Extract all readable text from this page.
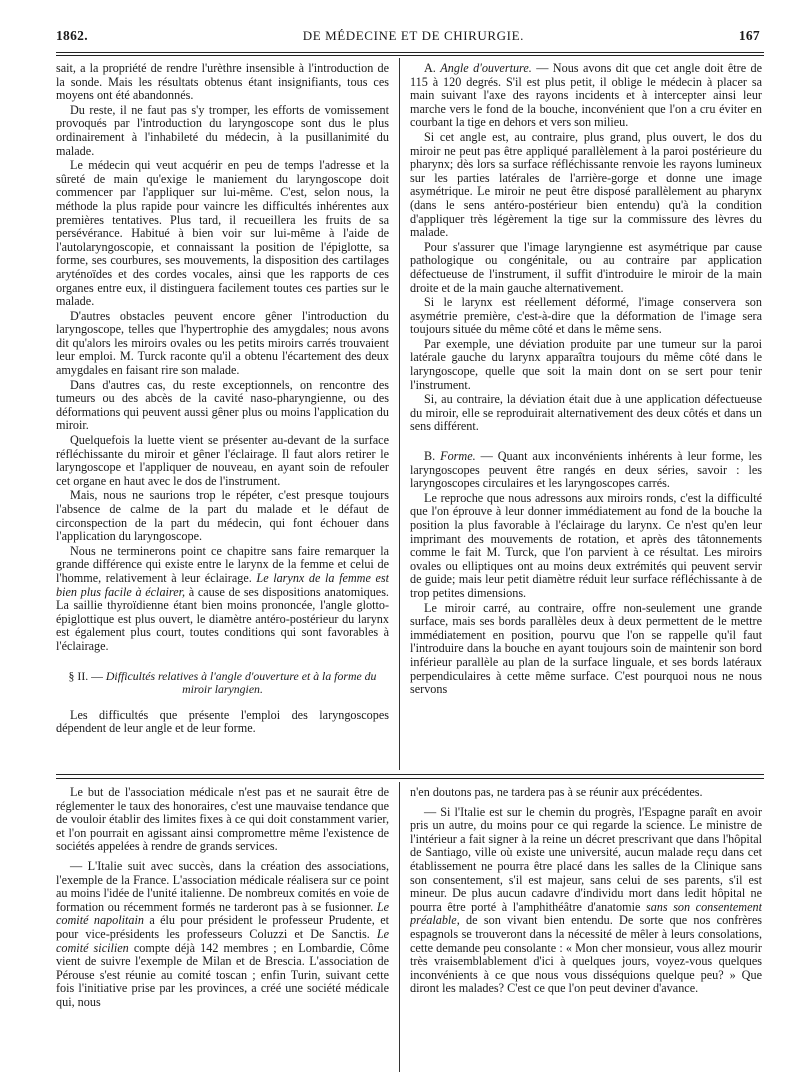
1862.	DE MÉDECINE ET DE CHIRURGIE.	167

sait, a la propriété de rendre l'urèthre insensible à l'introduction de la sonde. Mais les résultats obtenus étant insignifiants, tous ces moyens ont été abandonnés.

Du reste, il ne faut pas s'y tromper, les efforts de vomissement provoqués par l'introduction du laryngoscope sont dus le plus ordinairement à l'inhabileté du médecin, à la pusillanimité du malade.

Le médecin qui veut acquérir en peu de temps l'adresse et la sûreté de main qu'exige le maniement du laryngoscope doit commencer par l'appliquer sur lui-même. C'est, selon nous, la méthode la plus rapide pour vaincre les difficultés inhérentes aux premières tentatives. Plus tard, il recueillera les fruits de sa persévérance. Habitué à bien voir sur lui-même à l'aide de l'autolaryngoscopie, et connaissant la position de l'épiglotte, sa forme, ses courbures, ses mouvements, la disposition des cartilages aryténoïdes et des cordes vocales, ainsi que les rapports de ces organes entre eux, il distinguera facilement toutes ces parties sur le malade.

D'autres obstacles peuvent encore gêner l'introduction du laryngoscope, telles que l'hypertrophie des amygdales; nous avons dit qu'alors les miroirs ovales ou les petits miroirs carrés trouvaient leur emploi. M. Turck raconte qu'il a obtenu l'écartement des deux amygdales en faisant rire son malade.

Dans d'autres cas, du reste exceptionnels, on rencontre des tumeurs ou des abcès de la cavité naso-pharyngienne, ou des déformations qui peuvent aussi gêner plus ou moins l'application du miroir.

Quelquefois la luette vient se présenter au-devant de la surface réfléchissante du miroir et gêner l'éclairage. Il faut alors retirer le laryngoscope et l'appliquer de nouveau, en ayant soin de refouler cet organe en haut avec le dos de l'instrument.

Mais, nous ne saurions trop le répéter, c'est presque toujours l'absence de calme de la part du malade et le défaut de circonspection de la part du médecin, qui font échouer dans l'application du laryngoscope.

Nous ne terminerons point ce chapitre sans faire remarquer la grande différence qui existe entre le larynx de la femme et celui de l'homme, relativement à leur éclairage. Le larynx de la femme est bien plus facile à éclairer, à cause de ses dispositions anatomiques. La saillie thyroïdienne étant bien moins prononcée, l'angle glotto-épiglottique est plus ouvert, le diamètre antéro-postérieur du larynx est également plus court, toutes conditions qui sont favorables à l'éclairage.

§ II. — Difficultés relatives à l'angle d'ouverture et à la forme du miroir laryngien.

Les difficultés que présente l'emploi des laryngoscopes dépendent de leur angle et de leur forme.

A. Angle d'ouverture. — Nous avons dit que cet angle doit être de 115 à 120 degrés. S'il est plus petit, il oblige le médecin à placer sa main suivant l'axe des rayons incidents et à intercepter ainsi leur marche vers le fond de la bouche, inconvénient que l'on a cru éviter en courbant la tige en dehors et vers son milieu.

Si cet angle est, au contraire, plus grand, plus ouvert, le dos du miroir ne peut pas être appliqué parallèlement à la paroi postérieure du pharynx; dès lors sa surface réfléchissante renvoie les rayons lumineux sur les parties latérales de l'arrière-gorge et donne une image asymétrique. Le miroir ne peut être disposé parallèlement au pharynx (dans le sens antéro-postérieur bien entendu) qu'à la condition d'appliquer très légèrement la tige sur la commissure des lèvres du malade.

Pour s'assurer que l'image laryngienne est asymétrique par cause pathologique ou congénitale, ou au contraire par application défectueuse de l'instrument, il suffit d'introduire le miroir de la main droite et de la main gauche alternativement.

Si le larynx est réellement déformé, l'image conservera son asymétrie première, c'est-à-dire que la déformation de l'image sera toujours située du même côté et dans le même sens.

Par exemple, une déviation produite par une tumeur sur la paroi latérale gauche du larynx apparaîtra toujours du même côté dans le laryngoscope, quelle que soit la main dont on se sert pour tenir l'instrument.

Si, au contraire, la déviation était due à une application défectueuse du miroir, elle se reproduirait alternativement des deux côtés et dans un sens différent.

B. Forme. — Quant aux inconvénients inhérents à leur forme, les laryngoscopes peuvent être rangés en deux séries, savoir : les laryngoscopes circulaires et les laryngoscopes carrés.

Le reproche que nous adressons aux miroirs ronds, c'est la difficulté que l'on éprouve à leur donner immédiatement au fond de la bouche la position la plus favorable à l'éclairage du larynx. Ce n'est qu'en leur imprimant des mouvements de rotation, et après des tâtonnements comme le fait M. Turck, que l'on parvient à ce résultat. Les miroirs ovales ou elliptiques ont au moins deux extrémités qui peuvent servir de guide; mais leur petit diamètre réduit leur surface réfléchissante à de trop petites dimensions.

Le miroir carré, au contraire, offre non-seulement une grande surface, mais ses bords parallèles deux à deux permettent de le mettre immédiatement en position, pourvu que l'on se rappelle qu'il faut l'introduire dans la bouche en ayant toujours soin de maintenir son bord inférieur parallèle au plan de la surface linguale, et ses bords latéraux perpendiculaires à cette même surface. C'est pourquoi nous ne nous servons

Le but de l'association médicale n'est pas et ne saurait être de réglementer le taux des honoraires, c'est une mauvaise tendance que de vouloir établir des limites fixes à ce qui doit constamment varier, et l'on pourrait en agissant ainsi compromettre même l'existence de sociétés appelées à rendre de grands services.

— L'Italie suit avec succès, dans la création des associations, l'exemple de la France. L'association médicale réalisera sur ce point au moins l'idée de l'unité italienne. De nombreux comités en voie de formation ou récemment formés ne tarderont pas à se fusionner. Le comité napolitain a élu pour président le professeur Prudente, et pour vice-présidents les professeurs Coluzzi et De Sanctis. Le comité sicilien compte déjà 142 membres ; en Lombardie, Côme vient de suivre l'exemple de Milan et de Brescia. L'association de Pérouse s'est réunie au comité toscan ; enfin Turin, suivant cette fois l'initiative prise par les provinces, a créé une société médicale qui, nous

n'en doutons pas, ne tardera pas à se réunir aux précédentes.

— Si l'Italie est sur le chemin du progrès, l'Espagne paraît en avoir pris un autre, du moins pour ce qui regarde la science. Le ministre de l'intérieur a fait signer à la reine un décret prescrivant que dans l'hôpital de Santiago, ville où existe une université, aucun malade reçu dans cet établissement ne pourra être placé dans les salles de la Clinique sans son consentement, s'il est majeur, sans celui de ses parents, s'il est mineur. De plus aucun cadavre d'individu mort dans ledit hôpital ne pourra être porté à l'amphithéâtre d'anatomie sans son consentement préalable, de son vivant bien entendu. De sorte que nos confrères espagnols se trouveront dans la nécessité de mêler à leurs consolations, cette demande peu consolante : « Mon cher monsieur, vous allez mourir très vraisemblablement d'ici à quelques jours, voyez-vous quelques inconvénients à ce que nous vous disséquions quelque peu? » Que diront les malades? C'est ce que l'on peut deviner d'avance.
